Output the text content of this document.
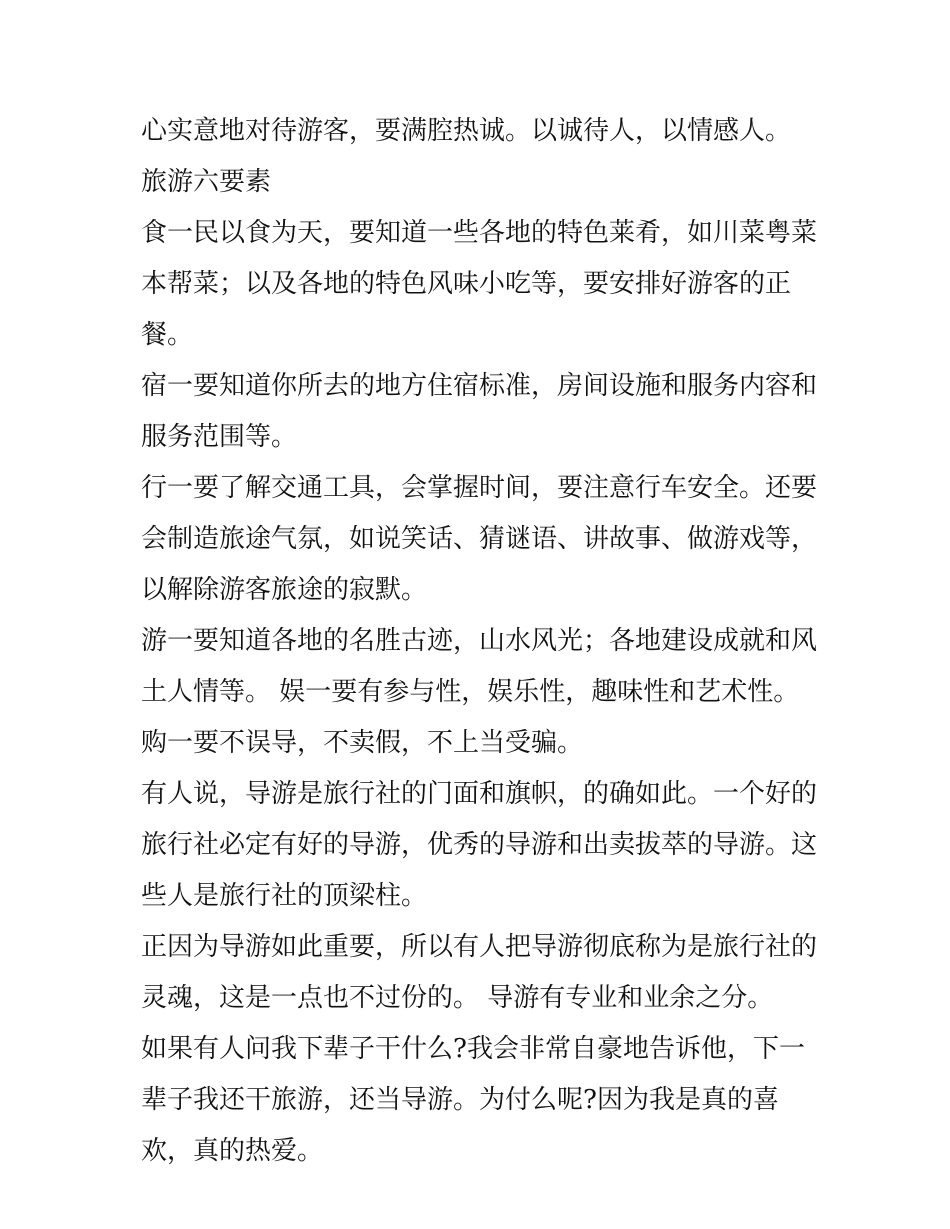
心实意地对待游客，要满腔热诚。以诚待人，以情感人。 旅游六要素

食一民以食为天，要知道一些各地的特色莱肴，如川菜粤菜本帮菜；以及各地的特色风味小吃等，要安排好游客的正餐。

宿一要知道你所去的地方住宿标准，房间设施和服务内容和服务范围等。

行一要了解交通工具，会掌握时间，要注意行车安全。还要会制造旅途气氛，如说笑话、猜谜语、讲故事、做游戏等，以解除游客旅途的寂默。

游一要知道各地的名胜古迹，山水风光；各地建设成就和风土人情等。 娱一要有参与性，娱乐性，趣味性和艺术性。 购一要不误导，不卖假，不上当受骗。

有人说，导游是旅行社的门面和旗帜，的确如此。一个好的旅行社必定有好的导游，优秀的导游和出卖拔萃的导游。这些人是旅行社的顶梁柱。

正因为导游如此重要，所以有人把导游彻底称为是旅行社的灵魂，这是一点也不过份的。 导游有专业和业余之分。

如果有人问我下辈子干什么?我会非常自豪地告诉他，下一辈子我还干旅游，还当导游。为付么呢?因为我是真的喜欢，真的热爱。
